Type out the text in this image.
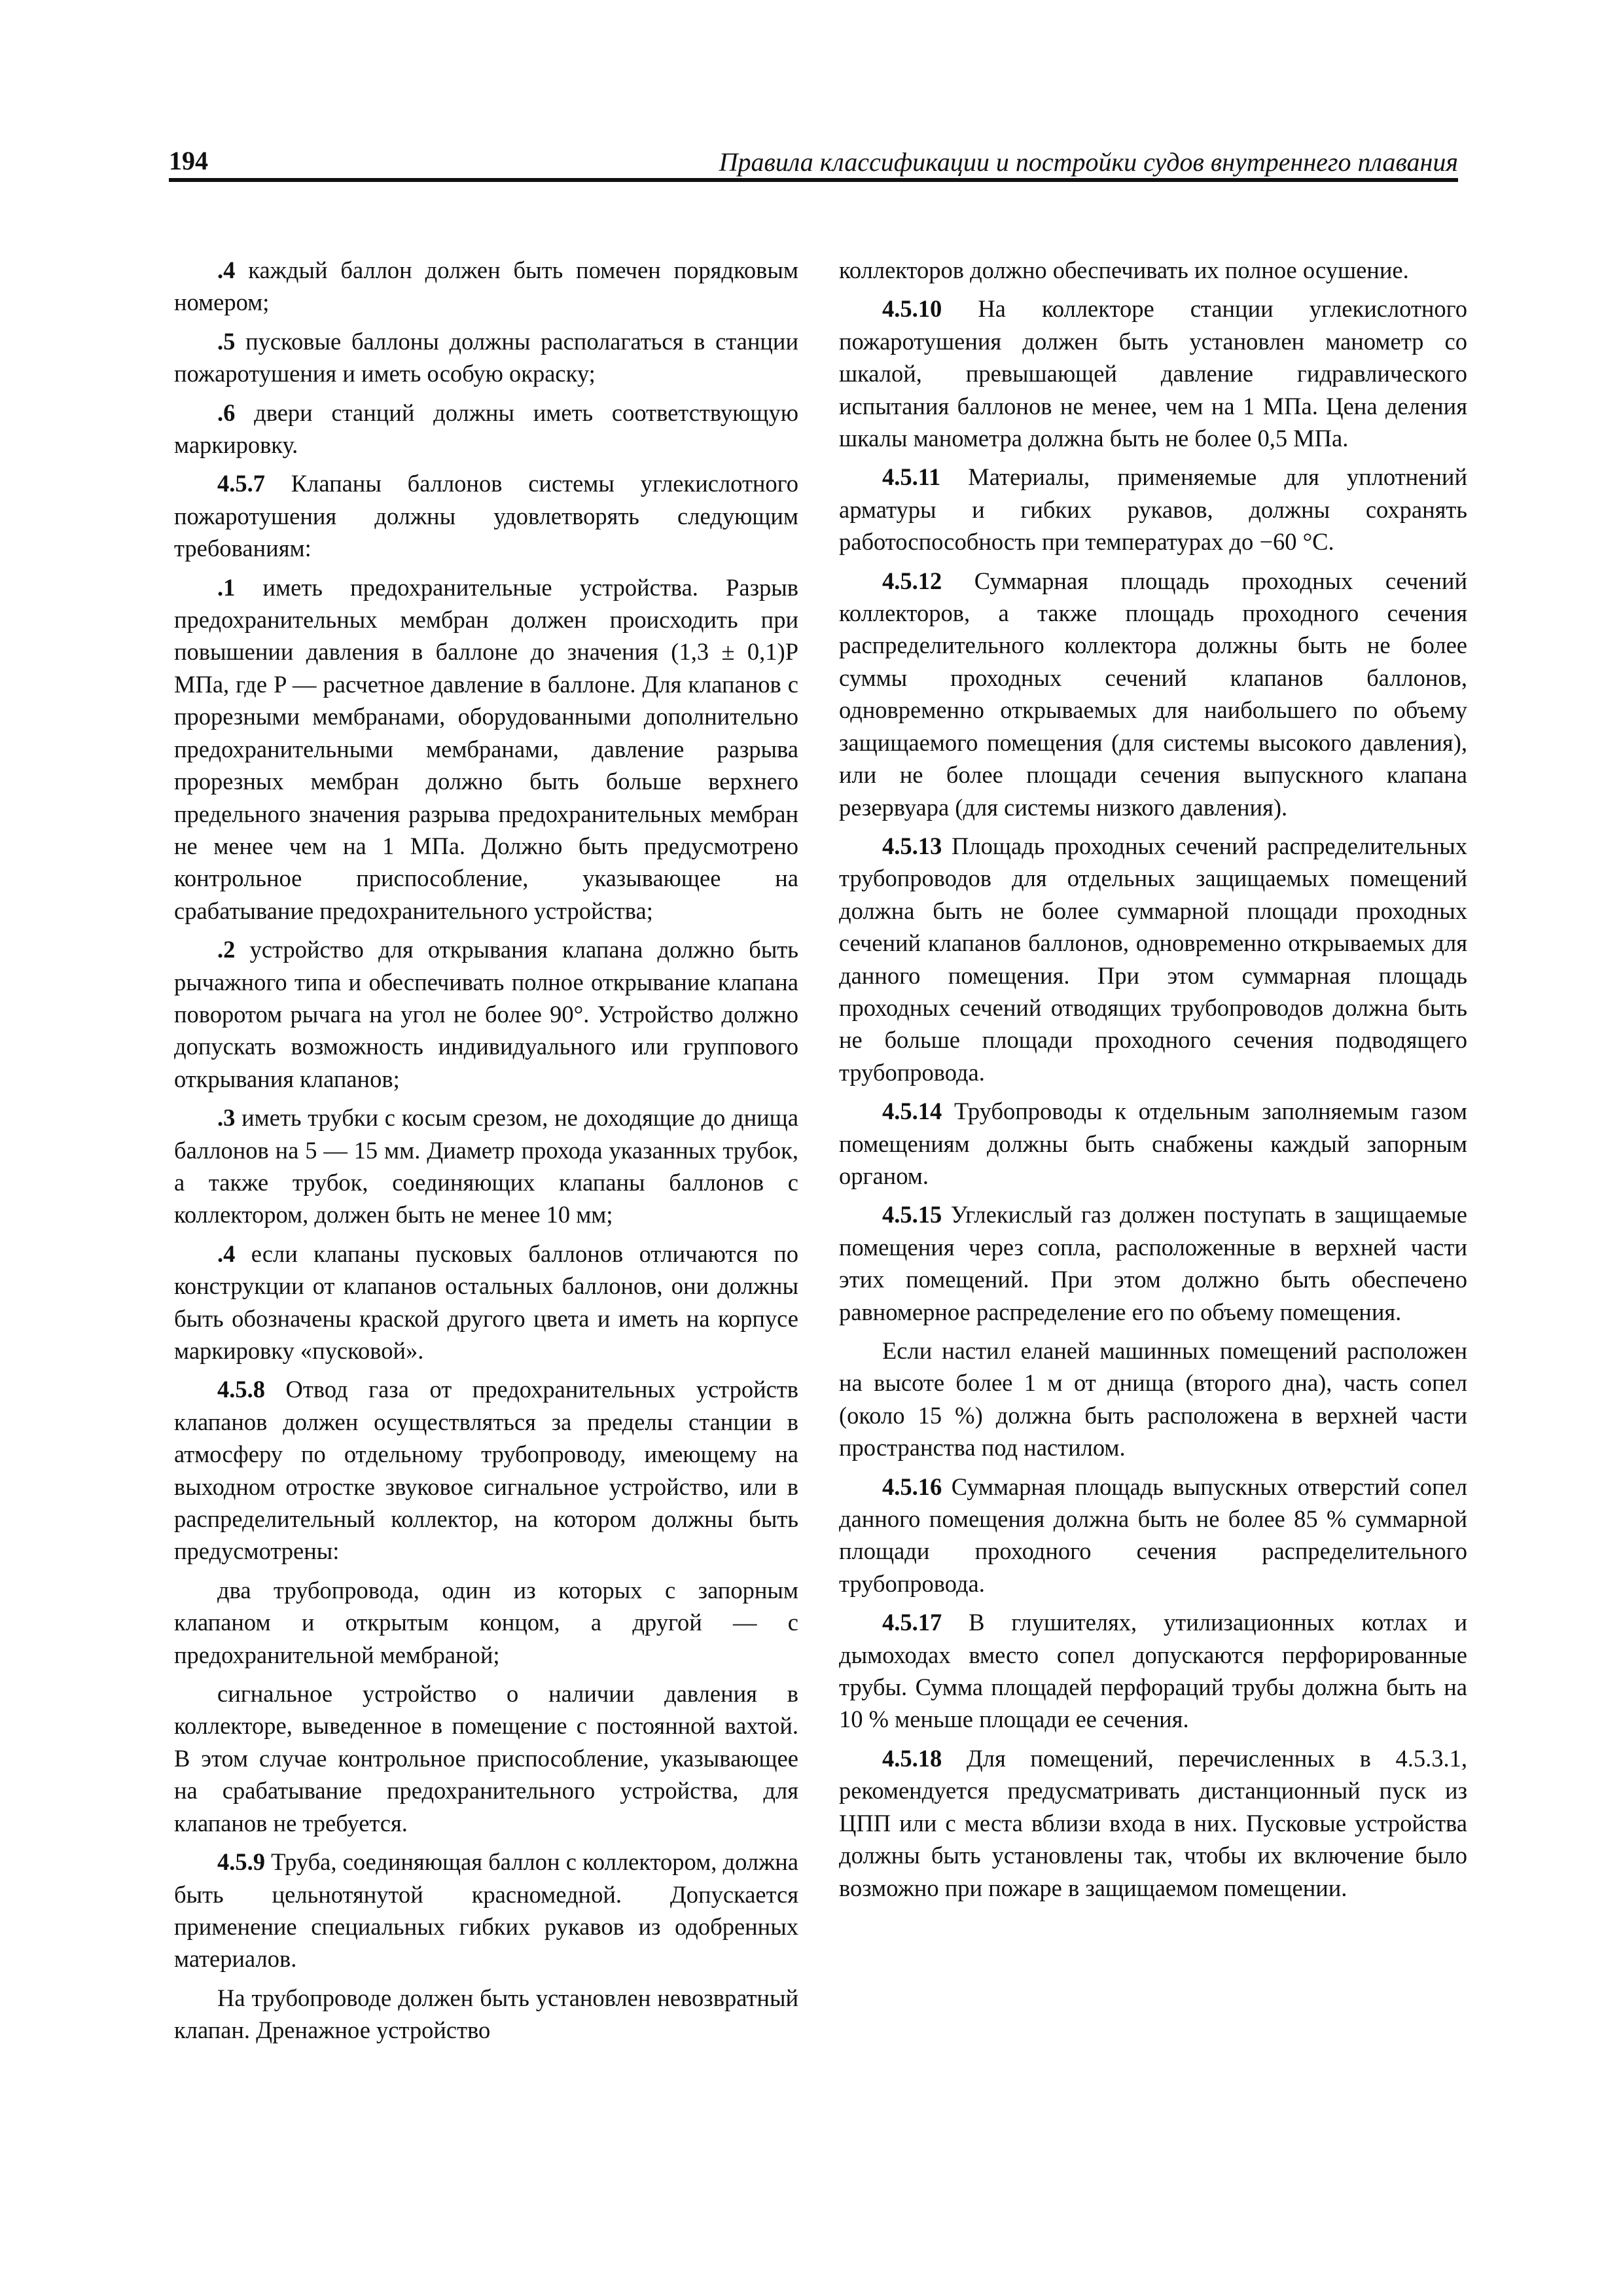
194	Правила классификации и постройки судов внутреннего плавания

.4 каждый баллон должен быть помечен порядковым номером;

.5 пусковые баллоны должны располагаться в станции пожаротушения и иметь особую окраску;

.6 двери станций должны иметь соответствующую маркировку.

4.5.7 Клапаны баллонов системы углекислотного пожаротушения должны удовлетворять следующим требованиям:

.1 иметь предохранительные устройства. Разрыв предохранительных мембран должен происходить при повышении давления в баллоне до значения (1,3 ± 0,1)P МПа, где P — расчетное давление в баллоне. Для клапанов с прорезными мембранами, оборудованными дополнительно предохранительными мембранами, давление разрыва прорезных мембран должно быть больше верхнего предельного значения разрыва предохранительных мембран не менее чем на 1 МПа. Должно быть предусмотрено контрольное приспособление, указывающее на срабатывание предохранительного устройства;

.2 устройство для открывания клапана должно быть рычажного типа и обеспечивать полное открывание клапана поворотом рычага на угол не более 90°. Устройство должно допускать возможность индивидуального или группового открывания клапанов;

.3 иметь трубки с косым срезом, не доходящие до днища баллонов на 5 — 15 мм. Диаметр прохода указанных трубок, а также трубок, соединяющих клапаны баллонов с коллектором, должен быть не менее 10 мм;

.4 если клапаны пусковых баллонов отличаются по конструкции от клапанов остальных баллонов, они должны быть обозначены краской другого цвета и иметь на корпусе маркировку «пусковой».

4.5.8 Отвод газа от предохранительных устройств клапанов должен осуществляться за пределы станции в атмосферу по отдельному трубопроводу, имеющему на выходном отростке звуковое сигнальное устройство, или в распределительный коллектор, на котором должны быть предусмотрены:

два трубопровода, один из которых с запорным клапаном и открытым концом, а другой — с предохранительной мембраной;

сигнальное устройство о наличии давления в коллекторе, выведенное в помещение с постоянной вахтой. В этом случае контрольное приспособление, указывающее на срабатывание предохранительного устройства, для клапанов не требуется.

4.5.9 Труба, соединяющая баллон с коллектором, должна быть цельнотянутой красномедной. Допускается применение специальных гибких рукавов из одобренных материалов.

На трубопроводе должен быть установлен невозвратный клапан. Дренажное устройство

коллекторов должно обеспечивать их полное осушение.

4.5.10 На коллекторе станции углекислотного пожаротушения должен быть установлен манометр со шкалой, превышающей давление гидравлического испытания баллонов не менее, чем на 1 МПа. Цена деления шкалы манометра должна быть не более 0,5 МПа.

4.5.11 Материалы, применяемые для уплотнений арматуры и гибких рукавов, должны сохранять работоспособность при температурах до −60 °С.

4.5.12 Суммарная площадь проходных сечений коллекторов, а также площадь проходного сечения распределительного коллектора должны быть не более суммы проходных сечений клапанов баллонов, одновременно открываемых для наибольшего по объему защищаемого помещения (для системы высокого давления), или не более площади сечения выпускного клапана резервуара (для системы низкого давления).

4.5.13 Площадь проходных сечений распределительных трубопроводов для отдельных защищаемых помещений должна быть не более суммарной площади проходных сечений клапанов баллонов, одновременно открываемых для данного помещения. При этом суммарная площадь проходных сечений отводящих трубопроводов должна быть не больше площади проходного сечения подводящего трубопровода.

4.5.14 Трубопроводы к отдельным заполняемым газом помещениям должны быть снабжены каждый запорным органом.

4.5.15 Углекислый газ должен поступать в защищаемые помещения через сопла, расположенные в верхней части этих помещений. При этом должно быть обеспечено равномерное распределение его по объему помещения.

Если настил еланей машинных помещений расположен на высоте более 1 м от днища (второго дна), часть сопел (около 15 %) должна быть расположена в верхней части пространства под настилом.

4.5.16 Суммарная площадь выпускных отверстий сопел данного помещения должна быть не более 85 % суммарной площади проходного сечения распределительного трубопровода.

4.5.17 В глушителях, утилизационных котлах и дымоходах вместо сопел допускаются перфорированные трубы. Сумма площадей перфораций трубы должна быть на 10 % меньше площади ее сечения.

4.5.18 Для помещений, перечисленных в 4.5.3.1, рекомендуется предусматривать дистанционный пуск из ЦПП или с места вблизи входа в них. Пусковые устройства должны быть установлены так, чтобы их включение было возможно при пожаре в защищаемом помещении.
